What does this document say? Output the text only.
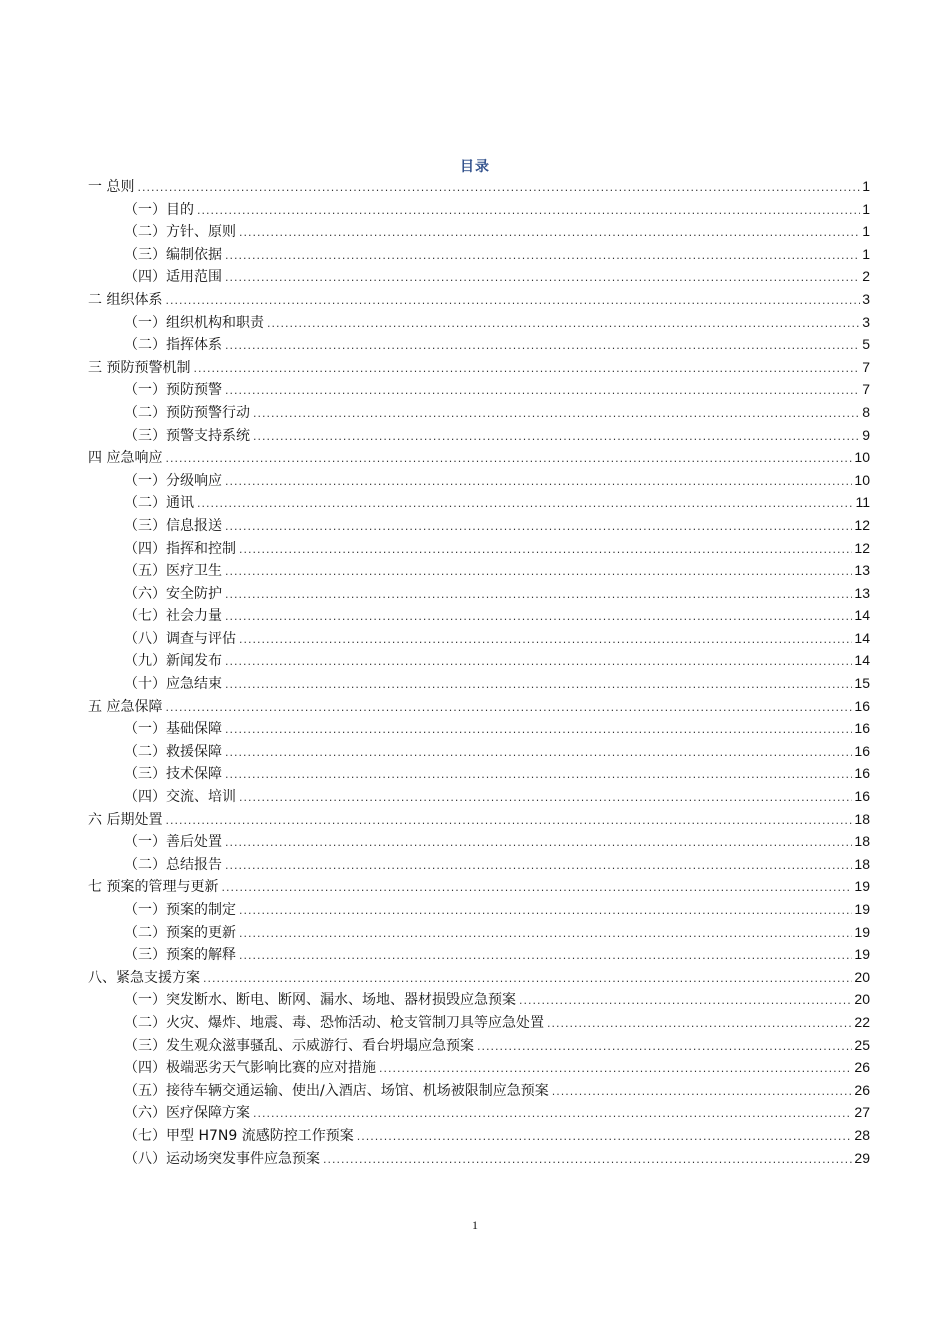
目录
一 总则 .....	1
（一）目的 .....	1
（二）方针、原则 .....	1
（三）编制依据 .....	1
（四）适用范围 .....	2
二 组织体系 .....	3
（一）组织机构和职责 .....	3
（二）指挥体系 .....	5
三 预防预警机制 .....	7
（一）预防预警 .....	7
（二）预防预警行动 .....	8
（三）预警支持系统 .....	9
四 应急响应 .....	10
（一）分级响应 .....	10
（二）通讯 .....	11
（三）信息报送 .....	12
（四）指挥和控制 .....	12
（五）医疗卫生 .....	13
（六）安全防护 .....	13
（七）社会力量 .....	14
（八）调查与评估 .....	14
（九）新闻发布 .....	14
（十）应急结束 .....	15
五 应急保障 .....	16
（一）基础保障 .....	16
（二）救援保障 .....	16
（三）技术保障 .....	16
（四）交流、培训 .....	16
六 后期处置 .....	18
（一）善后处置 .....	18
（二）总结报告 .....	18
七 预案的管理与更新 .....	19
（一）预案的制定 .....	19
（二）预案的更新 .....	19
（三）预案的解释 .....	19
八、紧急支援方案 .....	20
（一）突发断水、断电、断网、漏水、场地、器材损毁应急预案 .....	20
（二）火灾、爆炸、地震、毒、恐怖活动、枪支管制刀具等应急处置 .....	22
（三）发生观众滋事骚乱、示威游行、看台坍塌应急预案 .....	25
（四）极端恶劣天气影响比赛的应对措施 .....	26
（五）接待车辆交通运输、使出/入酒店、场馆、机场被限制应急预案 .....	26
（六）医疗保障方案 .....	27
（七）甲型 H7N9 流感防控工作预案 .....	28
（八）运动场突发事件应急预案 .....	29
1
